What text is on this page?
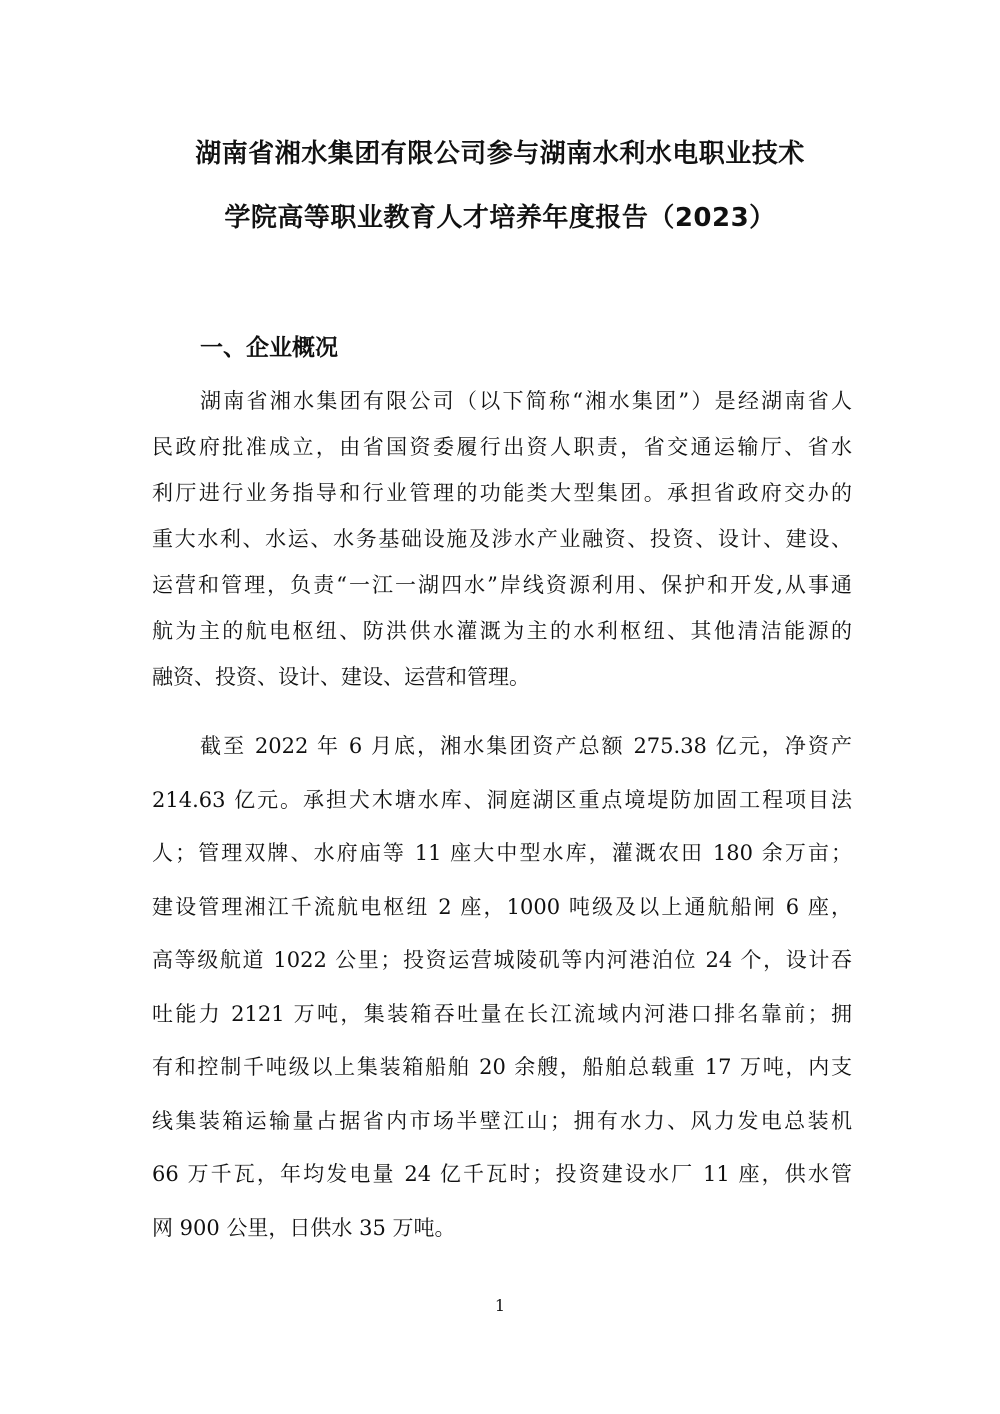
湖南省湘水集团有限公司参与湖南水利水电职业技术
学院高等职业教育人才培养年度报告（2023）
一、企业概况
湖南省湘水集团有限公司（以下简称“湘水集团”）是经湖南省人
民政府批准成立，由省国资委履行出资人职责，省交通运输厅、省水
利厅进行业务指导和行业管理的功能类大型集团。承担省政府交办的
重大水利、水运、水务基础设施及涉水产业融资、投资、设计、建设、
运营和管理，负责“一江一湖四水”岸线资源利用、保护和开发,从事通
航为主的航电枢纽、防洪供水灌溉为主的水利枢纽、其他清洁能源的
融资、投资、设计、建设、运营和管理。
截至 2022 年 6 月底，湘水集团资产总额 275.38 亿元，净资产
214.63 亿元。承担犬木塘水库、洞庭湖区重点境堤防加固工程项目法
人；管理双牌、水府庙等 11 座大中型水库，灌溉农田 180 余万亩；
建设管理湘江千流航电枢纽 2 座，1000 吨级及以上通航船闸 6 座，
高等级航道 1022 公里；投资运营城陵矶等内河港泊位 24 个，设计吞
吐能力 2121 万吨，集装箱吞吐量在长江流域内河港口排名靠前；拥
有和控制千吨级以上集装箱船舶 20 余艘，船舶总载重 17 万吨，内支
线集装箱运输量占据省内市场半壁江山；拥有水力、风力发电总装机
66 万千瓦，年均发电量 24 亿千瓦时；投资建设水厂 11 座，供水管
网 900 公里，日供水 35 万吨。
1
